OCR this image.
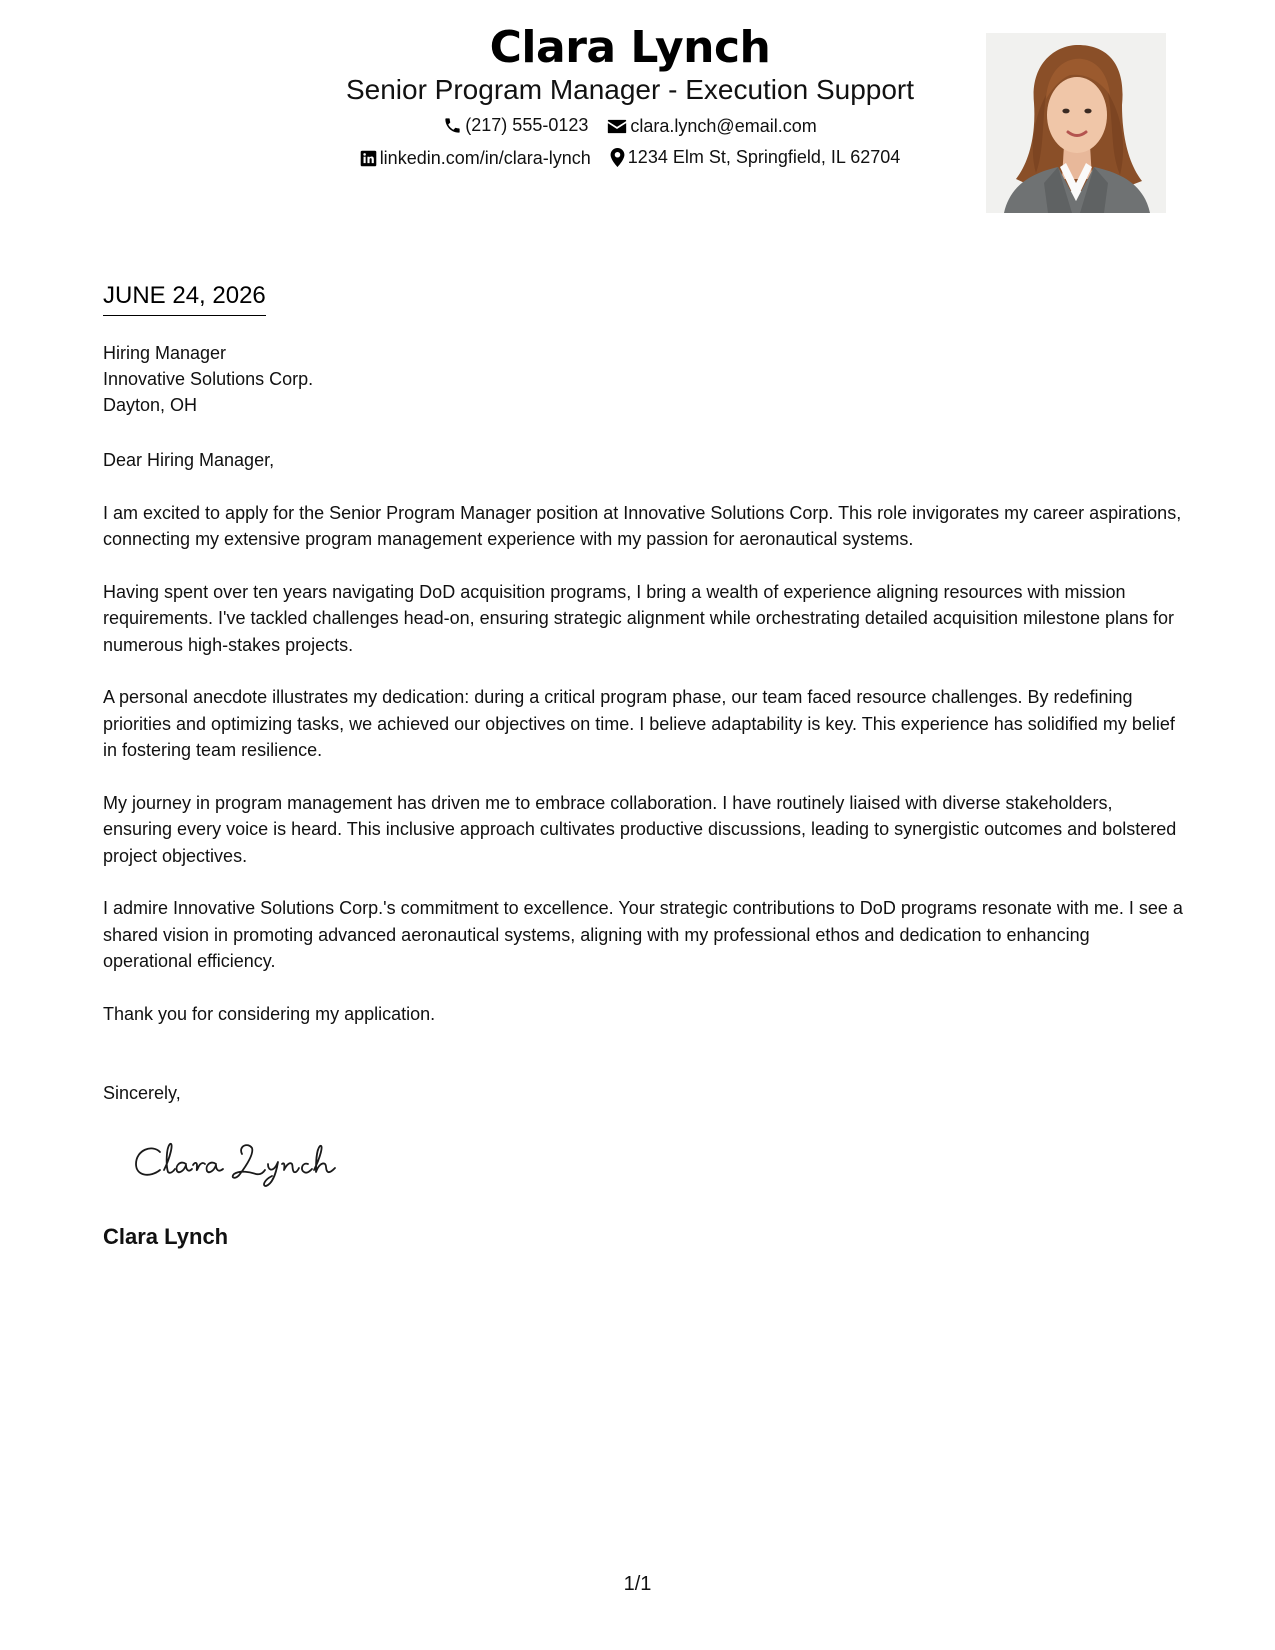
Clara Lynch
Senior Program Manager - Execution Support
(217) 555-0123
clara.lynch@email.com
linkedin.com/in/clara-lynch
1234 Elm St, Springfield, IL 62704
JUNE 24, 2026
Hiring Manager
Innovative Solutions Corp.
Dayton, OH

Dear Hiring Manager,

I am excited to apply for the Senior Program Manager position at Innovative Solutions Corp. This role invigorates my career aspirations, connecting my extensive program management experience with my passion for aeronautical systems.

Having spent over ten years navigating DoD acquisition programs, I bring a wealth of experience aligning resources with mission requirements. I've tackled challenges head-on, ensuring strategic alignment while orchestrating detailed acquisition milestone plans for numerous high-stakes projects.

A personal anecdote illustrates my dedication: during a critical program phase, our team faced resource challenges. By redefining priorities and optimizing tasks, we achieved our objectives on time. I believe adaptability is key. This experience has solidified my belief in fostering team resilience.

My journey in program management has driven me to embrace collaboration. I have routinely liaised with diverse stakeholders, ensuring every voice is heard. This inclusive approach cultivates productive discussions, leading to synergistic outcomes and bolstered project objectives.

I admire Innovative Solutions Corp.'s commitment to excellence. Your strategic contributions to DoD programs resonate with me. I see a shared vision in promoting advanced aeronautical systems, aligning with my professional ethos and dedication to enhancing operational efficiency.

Thank you for considering my application.

Sincerely,
Clara Lynch
1/1
